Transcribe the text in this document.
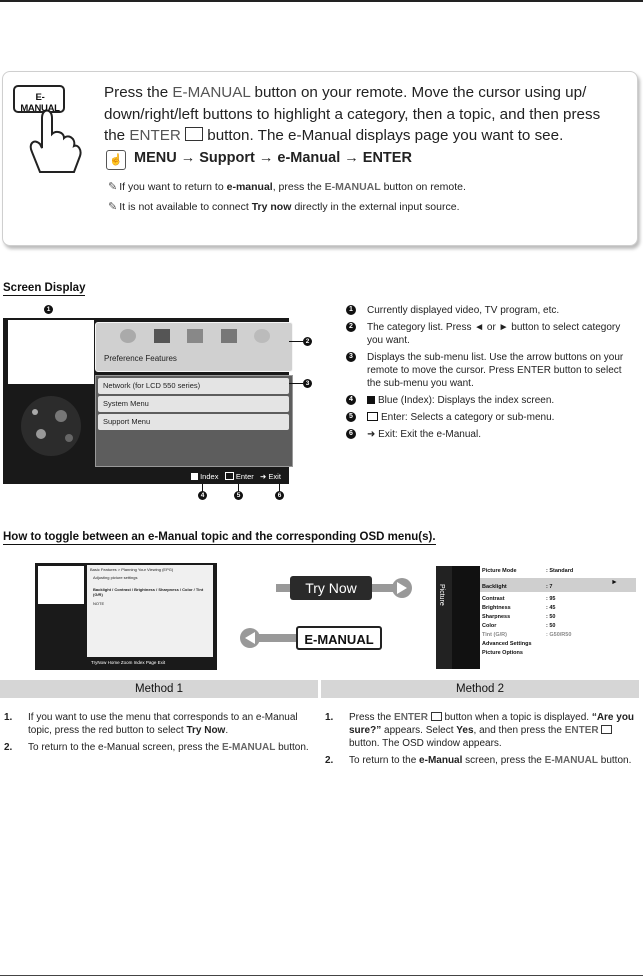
E-MANUAL
Press the E-MANUAL button on your remote. Move the cursor using up/ down/right/left buttons to highlight a category, then a topic, and then press the ENTER  button. The e-Manual displays page you want to see.
☝ MENU → Support → e-Manual → ENTER
✎ If you want to return to e-manual, press the E-MANUAL button on remote.
✎ It is not available to connect Try now directly in the external input source.
Screen Display
1
Preference Features
Network (for LCD 550 series)
System Menu
Support Menu
Index Enter ➜ Exit
2
3
4	5	6
1	Currently displayed video, TV program, etc.
2	The category list. Press ◄ or ► button to select category you want.
3	Displays the sub-menu list. Use the arrow buttons on your remote to move the cursor. Press ENTER button to select the sub-menu you want.
4	Blue (Index): Displays the index screen.
5	Enter: Selects a category or sub-menu.
6	➜ Exit: Exit the e-Manual.
How to toggle between an e-Manual topic and the corresponding OSD menu(s).
Basic Features > Planning Your Viewing (EPG)
Adjusting picture settings
Backlight / Contrast / Brightness / Sharpness / Color / Tint (G/R)
NOTE
TryNow Home Zoom Index Page Exit
Try Now
E-MANUAL
Picture
Picture Mode	: Standard
Backlight	: 7
Contrast	: 95
Brightness	: 45
Sharpness	: 50
Color	: 50
Tint (G/R)	: G50/R50
Advanced Settings
Picture Options
►
Method 1	Method 2
1. If you want to use the menu that corresponds to an e-Manual topic, press the red button to select Try Now.
2. To return to the e-Manual screen, press the E-MANUAL button.
1. Press the ENTER  button when a topic is displayed. “Are you sure?” appears. Select Yes, and then press the ENTER  button. The OSD window appears.
2. To return to the e-Manual screen, press the E-MANUAL button.
